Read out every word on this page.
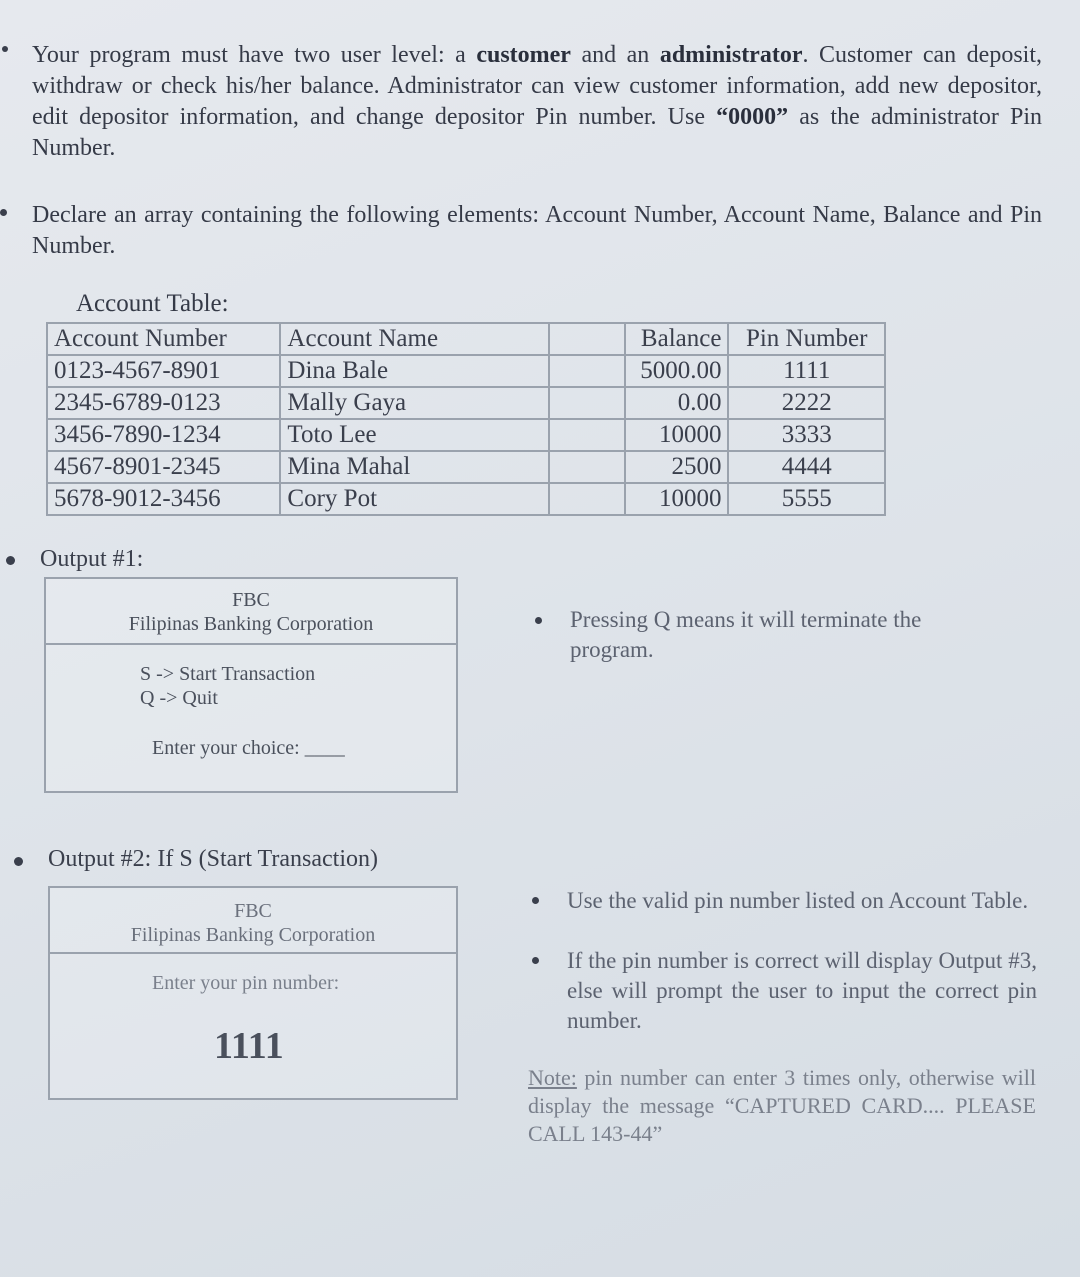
Your program must have two user level: a customer and an administrator. Customer can deposit, withdraw or check his/her balance. Administrator can view customer information, add new depositor, edit depositor information, and change depositor Pin number. Use “0000” as the administrator Pin Number.
Declare an array containing the following elements: Account Number, Account Name, Balance and Pin Number.
Account Table:
Account Number	Account Name		Balance	Pin Number
0123-4567-8901	Dina Bale		5000.00	1111
2345-6789-0123	Mally Gaya		0.00	2222
3456-7890-1234	Toto Lee		10000	3333
4567-8901-2345	Mina Mahal		2500	4444
5678-9012-3456	Cory Pot		10000	5555
Output #1:
FBC
Filipinas Banking Corporation
S -> Start Transaction
Q -> Quit
Enter your choice: ____
Pressing Q means it will terminate the program.
Output #2: If S (Start Transaction)
FBC
Filipinas Banking Corporation
Enter your pin number:
1111
Use the valid pin number listed on Account Table.
If the pin number is correct will display Output #3, else will prompt the user to input the correct pin number.
Note: pin number can enter 3 times only, otherwise will display the message “CAPTURED CARD.... PLEASE CALL 143-44”
